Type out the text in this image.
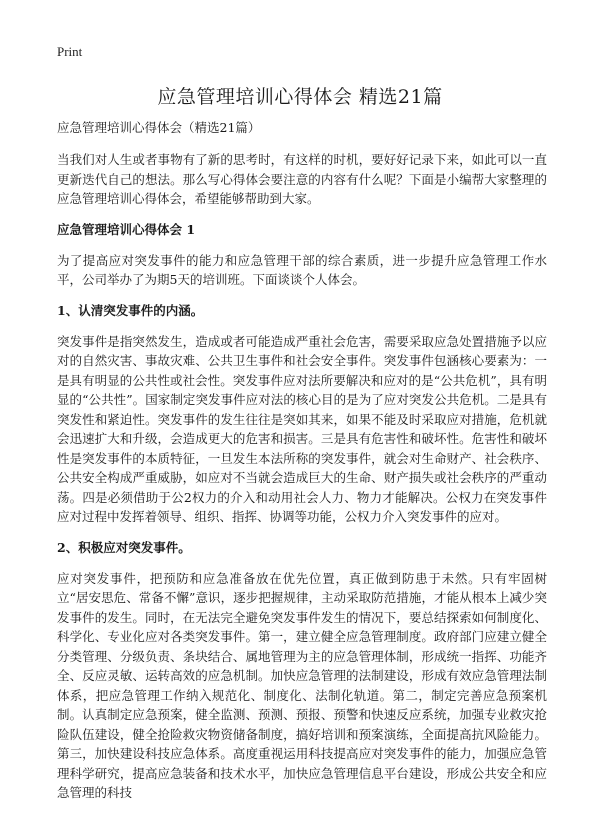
Print
应急管理培训心得体会 精选21篇
应急管理培训心得体会（精选21篇）

当我们对人生或者事物有了新的思考时，有这样的时机，要好好记录下来，如此可以一直更新迭代自己的想法。那么写心得体会要注意的内容有什么呢？下面是小编帮大家整理的应急管理培训心得体会，希望能够帮助到大家。

应急管理培训心得体会 1

为了提高应对突发事件的能力和应急管理干部的综合素质，进一步提升应急管理工作水平，公司举办了为期5天的培训班。下面谈谈个人体会。

1、认清突发事件的内涵。

突发事件是指突然发生，造成或者可能造成严重社会危害，需要采取应急处置措施予以应对的自然灾害、事故灾难、公共卫生事件和社会安全事件。突发事件包涵核心要素为：一是具有明显的公共性或社会性。突发事件应对法所要解决和应对的是“公共危机”，具有明显的“公共性”。国家制定突发事件应对法的核心目的是为了应对突发公共危机。二是具有突发性和紧迫性。突发事件的发生往往是突如其来，如果不能及时采取应对措施，危机就会迅速扩大和升级，会造成更大的危害和损害。三是具有危害性和破坏性。危害性和破坏性是突发事件的本质特征，一旦发生本法所称的突发事件，就会对生命财产、社会秩序、公共安全构成严重威胁，如应对不当就会造成巨大的生命、财产损失或社会秩序的严重动荡。四是必须借助于公2权力的介入和动用社会人力、物力才能解决。公权力在突发事件应对过程中发挥着领导、组织、指挥、协调等功能，公权力介入突发事件的应对。

2、积极应对突发事件。

应对突发事件，把预防和应急准备放在优先位置，真正做到防患于未然。只有牢固树立“居安思危、常备不懈”意识，逐步把握规律，主动采取防范措施，才能从根本上减少突发事件的发生。同时，在无法完全避免突发事件发生的情况下，要总结探索如何制度化、科学化、专业化应对各类突发事件。第一，建立健全应急管理制度。政府部门应建立健全分类管理、分级负责、条块结合、属地管理为主的应急管理体制，形成统一指挥、功能齐全、反应灵敏、运转高效的应急机制。加快应急管理的法制建设，形成有效应急管理法制体系，把应急管理工作纳入规范化、制度化、法制化轨道。第二，制定完善应急预案机制。认真制定应急预案，健全监测、预测、预报、预警和快速反应系统，加强专业救灾抢险队伍建设，健全抢险救灾物资储备制度，搞好培训和预案演练，全面提高抗风险能力。第三，加快建设科技应急体系。高度重视运用科技提高应对突发事件的能力，加强应急管理科学研究，提高应急装备和技术水平，加快应急管理信息平台建设，形成公共安全和应急管理的科技
